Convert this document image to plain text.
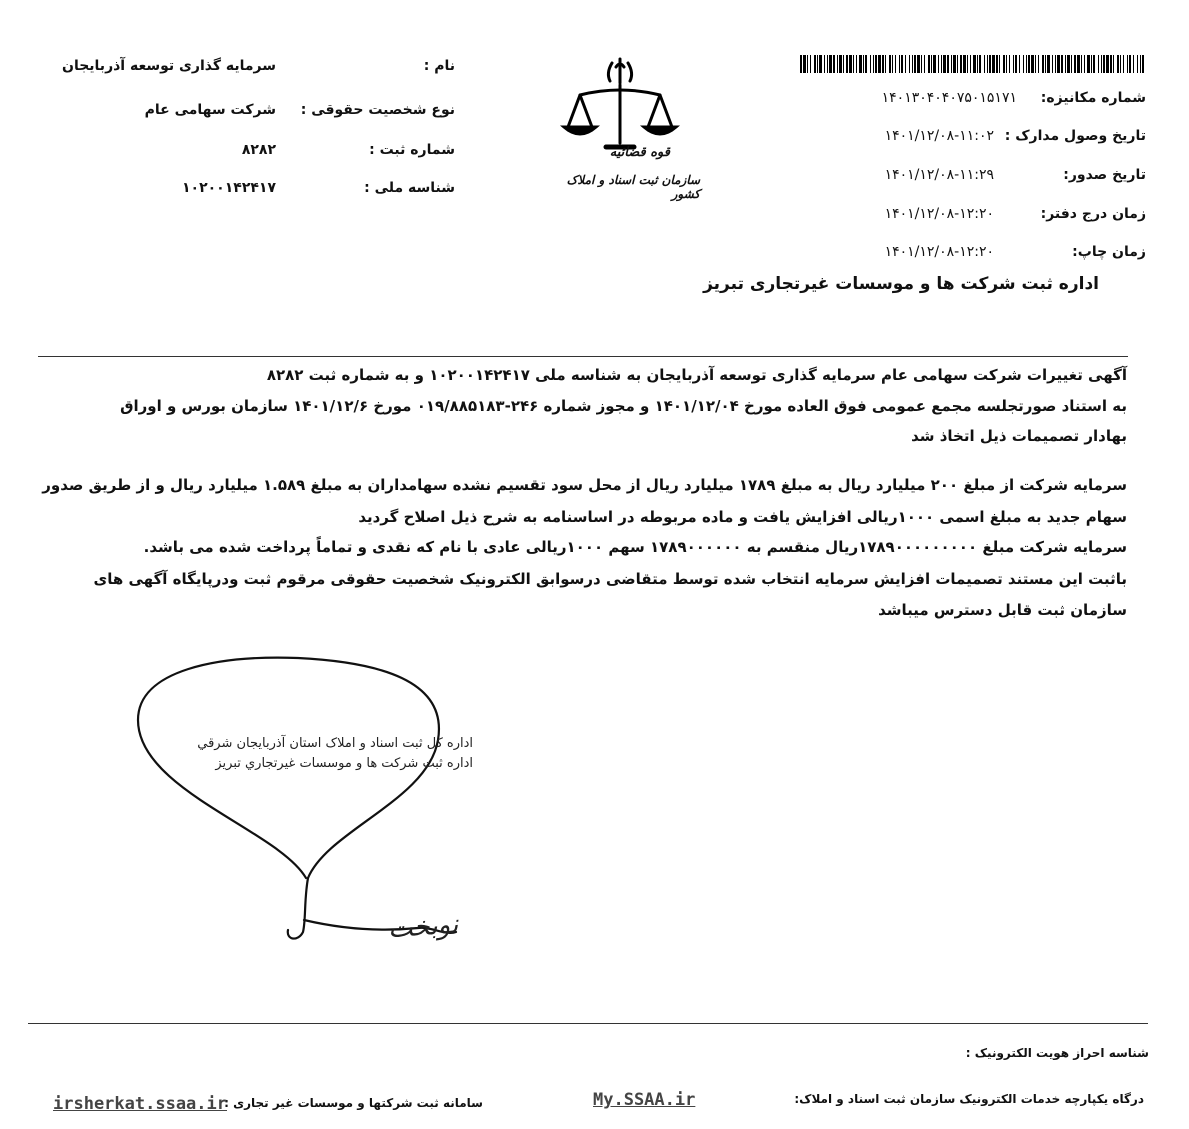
قوه قضائیه
سازمان ثبت اسناد و املاک کشور
نام :
سرمایه گذاری توسعه آذربایجان
نوع شخصیت حقوقی :
شرکت سهامی عام
شماره ثبت :
۸۲۸۲
شناسه ملی :
۱۰۲۰۰۱۴۲۴۱۷
شماره مکانیزه:
۱۴۰۱۳۰۴۰۴۰۷۵۰۱۵۱۷۱
تاریخ وصول مدارک :
۱۴۰۱/۱۲/۰۸-۱۱:۰۲
تاریخ صدور:
۱۴۰۱/۱۲/۰۸-۱۱:۲۹
زمان درج دفتر:
۱۴۰۱/۱۲/۰۸-۱۲:۲۰
زمان چاپ:
۱۴۰۱/۱۲/۰۸-۱۲:۲۰
اداره ثبت شرکت ها و موسسات غیرتجاری تبریز
آگهی تغییرات شرکت سهامی عام سرمایه گذاری توسعه آذربایجان به شناسه ملی ۱۰۲۰۰۱۴۲۴۱۷ و به شماره ثبت ۸۲۸۲
به استناد صورتجلسه مجمع عمومی فوق العاده مورخ ۱۴۰۱/۱۲/۰۴ و مجوز شماره ۲۴۶-۰۱۹/۸۸۵۱۸۳ مورخ ۱۴۰۱/۱۲/۶ سازمان بورس و اوراق
بهادار تصمیمات ذیل اتخاذ شد
سرمایه شرکت از مبلغ ۲۰۰ میلیارد ریال به مبلغ ۱۷۸۹ میلیارد ریال از محل سود تقسیم نشده سهامداران به مبلغ ۱.۵۸۹ میلیارد ریال و از طریق صدور
سهام جدید به مبلغ اسمی ۱۰۰۰ریالی افزایش یافت و ماده مربوطه در اساسنامه به شرح ذیل اصلاح گردید
سرمایه شرکت مبلغ ۱۷۸۹۰۰۰۰۰۰۰۰۰ریال منقسم به ۱۷۸۹۰۰۰۰۰۰ سهم ۱۰۰۰ریالی عادی با نام که نقدی و تماماً پرداخت شده می باشد.
باثبت این مستند تصمیمات افزایش سرمایه انتخاب شده توسط متقاضی درسوابق الکترونیک شخصیت حقوقی مرقوم ثبت ودرپایگاه آگهی های
سازمان ثبت قابل دسترس میباشد
اداره کل ثبت اسناد و املاک استان آذربایجان شرقي
اداره ثبت شرکت ها و موسسات غيرتجاري تبريز
نوبخت
شناسه احراز هویت الکترونیک :
درگاه یکپارچه خدمات الکترونیک سازمان ثبت اسناد و املاک:
My.SSAA.ir
سامانه ثبت شرکتها و موسسات غیر تجاری :
irsherkat.ssaa.ir
